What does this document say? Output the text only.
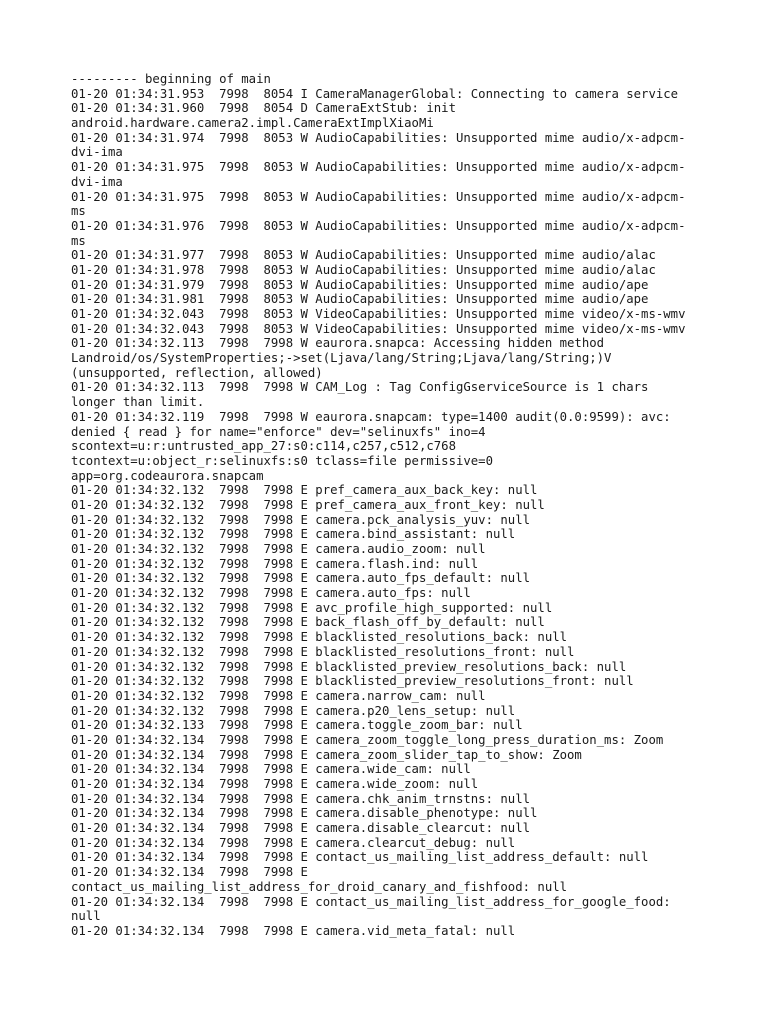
--------- beginning of main
01-20 01:34:31.953  7998  8054 I CameraManagerGlobal: Connecting to camera service
01-20 01:34:31.960  7998  8054 D CameraExtStub: init
android.hardware.camera2.impl.CameraExtImplXiaoMi
01-20 01:34:31.974  7998  8053 W AudioCapabilities: Unsupported mime audio/x-adpcm-
dvi-ima
01-20 01:34:31.975  7998  8053 W AudioCapabilities: Unsupported mime audio/x-adpcm-
dvi-ima
01-20 01:34:31.975  7998  8053 W AudioCapabilities: Unsupported mime audio/x-adpcm-
ms
01-20 01:34:31.976  7998  8053 W AudioCapabilities: Unsupported mime audio/x-adpcm-
ms
01-20 01:34:31.977  7998  8053 W AudioCapabilities: Unsupported mime audio/alac
01-20 01:34:31.978  7998  8053 W AudioCapabilities: Unsupported mime audio/alac
01-20 01:34:31.979  7998  8053 W AudioCapabilities: Unsupported mime audio/ape
01-20 01:34:31.981  7998  8053 W AudioCapabilities: Unsupported mime audio/ape
01-20 01:34:32.043  7998  8053 W VideoCapabilities: Unsupported mime video/x-ms-wmv
01-20 01:34:32.043  7998  8053 W VideoCapabilities: Unsupported mime video/x-ms-wmv
01-20 01:34:32.113  7998  7998 W eaurora.snapca: Accessing hidden method
Landroid/os/SystemProperties;->set(Ljava/lang/String;Ljava/lang/String;)V
(unsupported, reflection, allowed)
01-20 01:34:32.113  7998  7998 W CAM_Log : Tag ConfigGserviceSource is 1 chars
longer than limit.
01-20 01:34:32.119  7998  7998 W eaurora.snapcam: type=1400 audit(0.0:9599): avc:
denied { read } for name="enforce" dev="selinuxfs" ino=4
scontext=u:r:untrusted_app_27:s0:c114,c257,c512,c768
tcontext=u:object_r:selinuxfs:s0 tclass=file permissive=0
app=org.codeaurora.snapcam
01-20 01:34:32.132  7998  7998 E pref_camera_aux_back_key: null
01-20 01:34:32.132  7998  7998 E pref_camera_aux_front_key: null
01-20 01:34:32.132  7998  7998 E camera.pck_analysis_yuv: null
01-20 01:34:32.132  7998  7998 E camera.bind_assistant: null
01-20 01:34:32.132  7998  7998 E camera.audio_zoom: null
01-20 01:34:32.132  7998  7998 E camera.flash.ind: null
01-20 01:34:32.132  7998  7998 E camera.auto_fps_default: null
01-20 01:34:32.132  7998  7998 E camera.auto_fps: null
01-20 01:34:32.132  7998  7998 E avc_profile_high_supported: null
01-20 01:34:32.132  7998  7998 E back_flash_off_by_default: null
01-20 01:34:32.132  7998  7998 E blacklisted_resolutions_back: null
01-20 01:34:32.132  7998  7998 E blacklisted_resolutions_front: null
01-20 01:34:32.132  7998  7998 E blacklisted_preview_resolutions_back: null
01-20 01:34:32.132  7998  7998 E blacklisted_preview_resolutions_front: null
01-20 01:34:32.132  7998  7998 E camera.narrow_cam: null
01-20 01:34:32.132  7998  7998 E camera.p20_lens_setup: null
01-20 01:34:32.133  7998  7998 E camera.toggle_zoom_bar: null
01-20 01:34:32.134  7998  7998 E camera_zoom_toggle_long_press_duration_ms: Zoom
01-20 01:34:32.134  7998  7998 E camera_zoom_slider_tap_to_show: Zoom
01-20 01:34:32.134  7998  7998 E camera.wide_cam: null
01-20 01:34:32.134  7998  7998 E camera.wide_zoom: null
01-20 01:34:32.134  7998  7998 E camera.chk_anim_trnstns: null
01-20 01:34:32.134  7998  7998 E camera.disable_phenotype: null
01-20 01:34:32.134  7998  7998 E camera.disable_clearcut: null
01-20 01:34:32.134  7998  7998 E camera.clearcut_debug: null
01-20 01:34:32.134  7998  7998 E contact_us_mailing_list_address_default: null
01-20 01:34:32.134  7998  7998 E
contact_us_mailing_list_address_for_droid_canary_and_fishfood: null
01-20 01:34:32.134  7998  7998 E contact_us_mailing_list_address_for_google_food:
null
01-20 01:34:32.134  7998  7998 E camera.vid_meta_fatal: null
